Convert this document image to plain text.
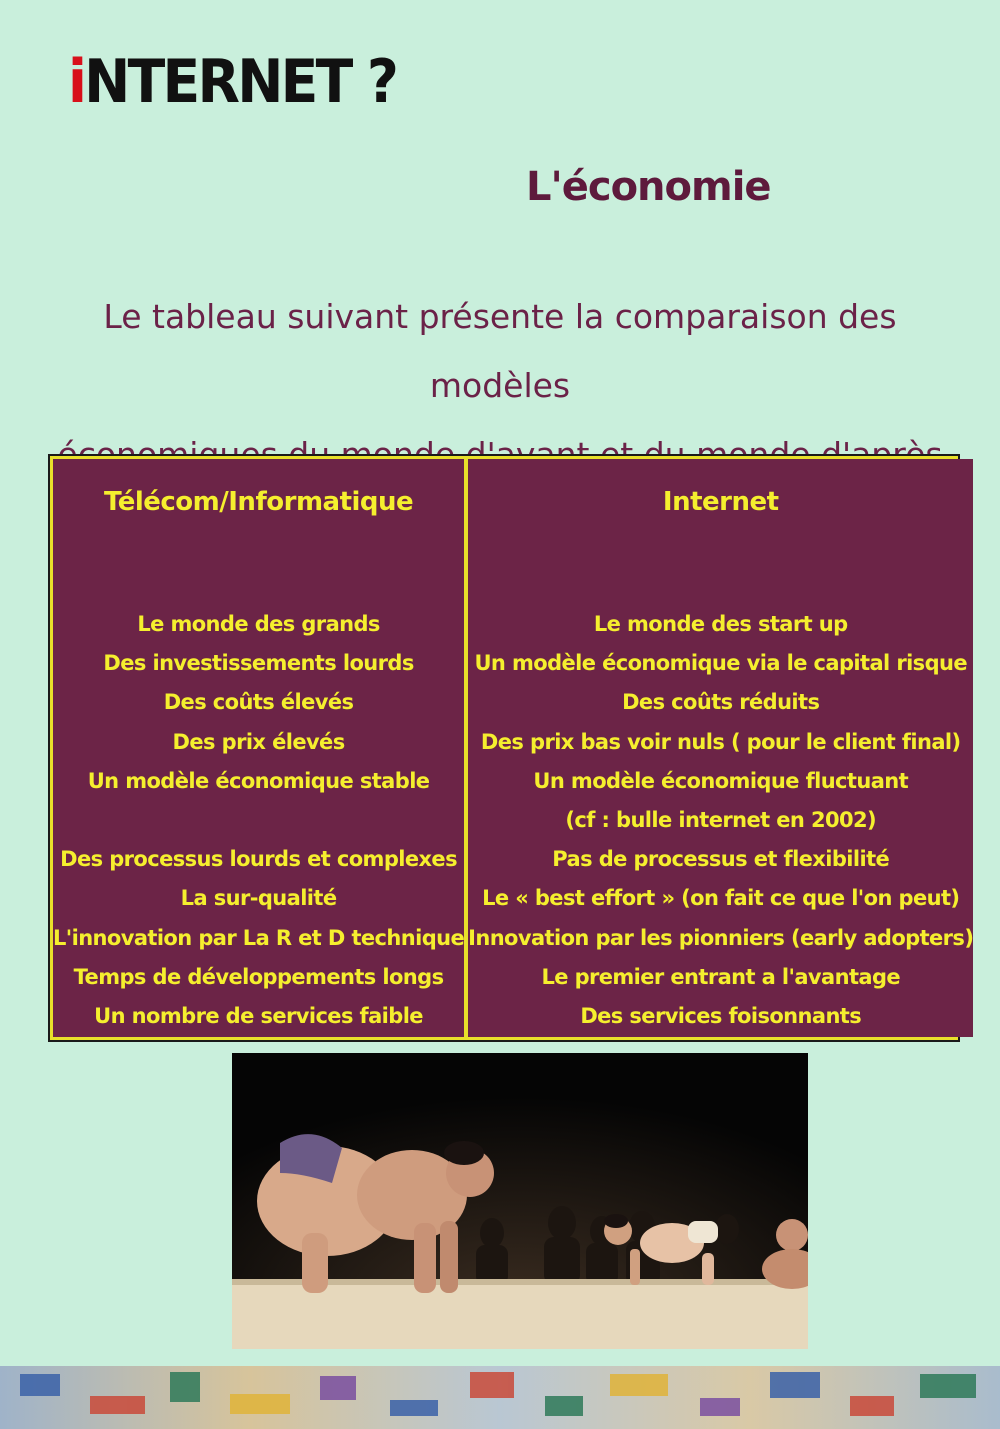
iNTERNET ?
L'économie
Le tableau suivant présente la comparaison des modèles
Télécom/Informatique
Le monde des grands
Des investissements lourds
Des coûts élevés
Des prix élevés
Un modèle économique stable
Des processus lourds et complexes
La sur-qualité
L'innovation par La R et D technique
Temps de développements longs
Un nombre de services faible
Internet
Le monde des start up
Un modèle économique via le capital risque
Des coûts réduits
Des prix bas voir nuls ( pour le client final)
Un modèle économique fluctuant
(cf : bulle internet en 2002)
Pas de processus et flexibilité
Le « best effort » (on fait ce que l'on peut)
Innovation par les pionniers (early adopters)
Le premier entrant a l'avantage
Des services foisonnants
